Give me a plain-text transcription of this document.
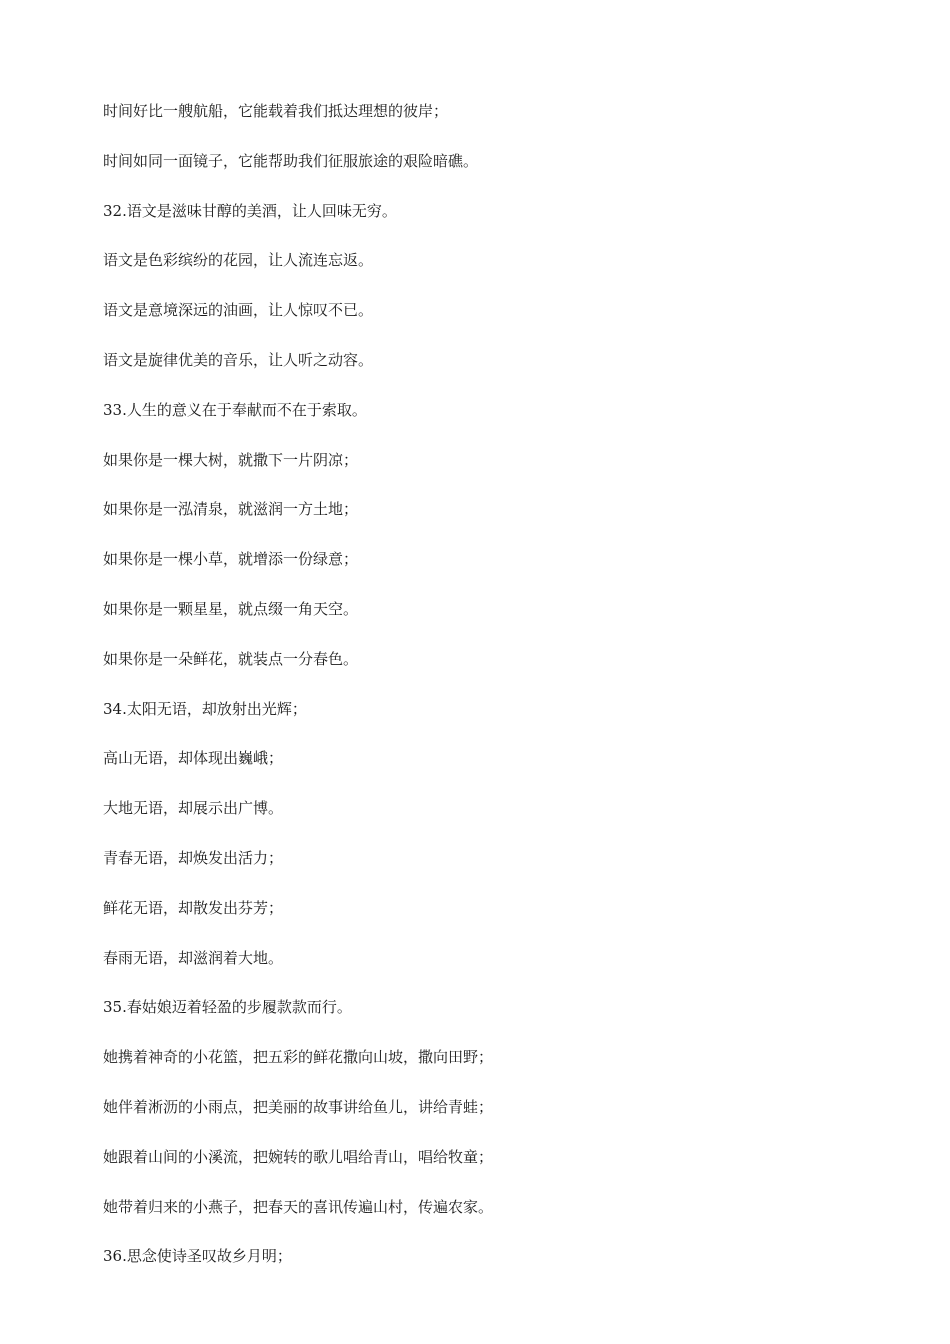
时间好比一艘航船，它能载着我们抵达理想的彼岸；
时间如同一面镜子，它能帮助我们征服旅途的艰险暗礁。
32.语文是滋味甘醇的美酒，让人回味无穷。
语文是色彩缤纷的花园，让人流连忘返。
语文是意境深远的油画，让人惊叹不已。
语文是旋律优美的音乐，让人听之动容。
33.人生的意义在于奉献而不在于索取。
如果你是一棵大树，就撒下一片阴凉；
如果你是一泓清泉，就滋润一方土地；
如果你是一棵小草，就增添一份绿意；
如果你是一颗星星，就点缀一角天空。
如果你是一朵鲜花，就装点一分春色。
34.太阳无语，却放射出光辉；
高山无语，却体现出巍峨；
大地无语，却展示出广博。
青春无语，却焕发出活力；
鲜花无语，却散发出芬芳；
春雨无语，却滋润着大地。
35.春姑娘迈着轻盈的步履款款而行。
她携着神奇的小花篮，把五彩的鲜花撒向山坡，撒向田野；
她伴着淅沥的小雨点，把美丽的故事讲给鱼儿，讲给青蛙；
她跟着山间的小溪流，把婉转的歌儿唱给青山，唱给牧童；
她带着归来的小燕子，把春天的喜讯传遍山村，传遍农家。
36.思念使诗圣叹故乡月明；
